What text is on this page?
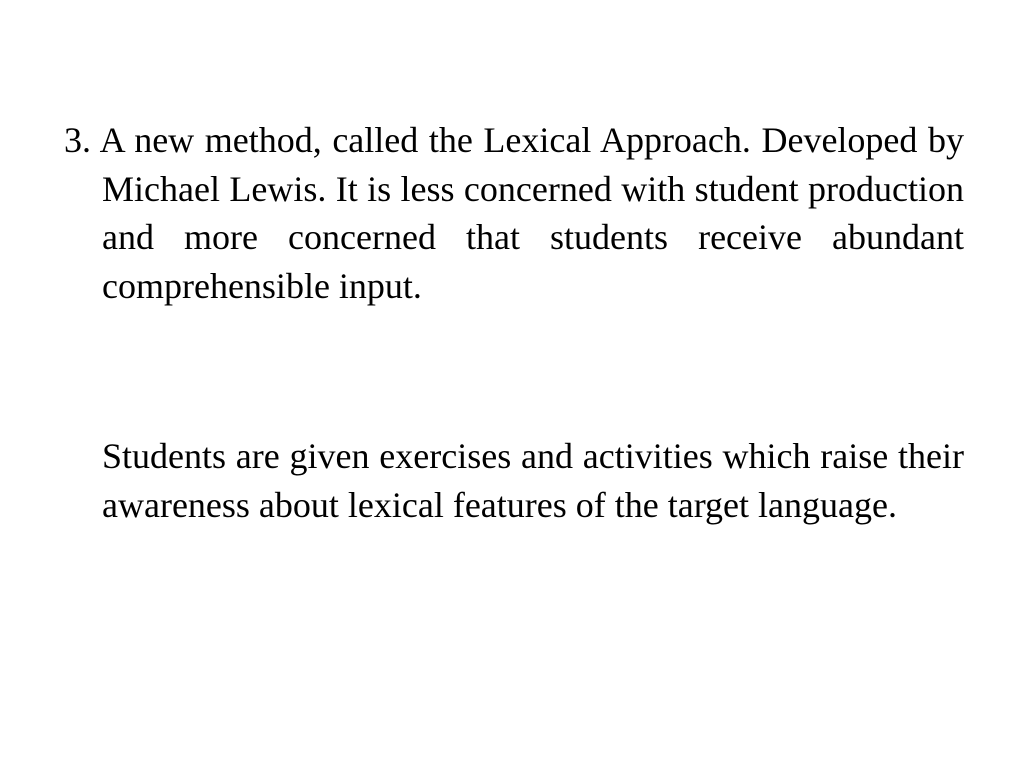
3. A new method, called the Lexical Approach. Developed by Michael Lewis. It is less concerned with student production and more concerned that students receive abundant comprehensible input.

Students are given exercises and activities which raise their awareness about lexical features of the target language.
